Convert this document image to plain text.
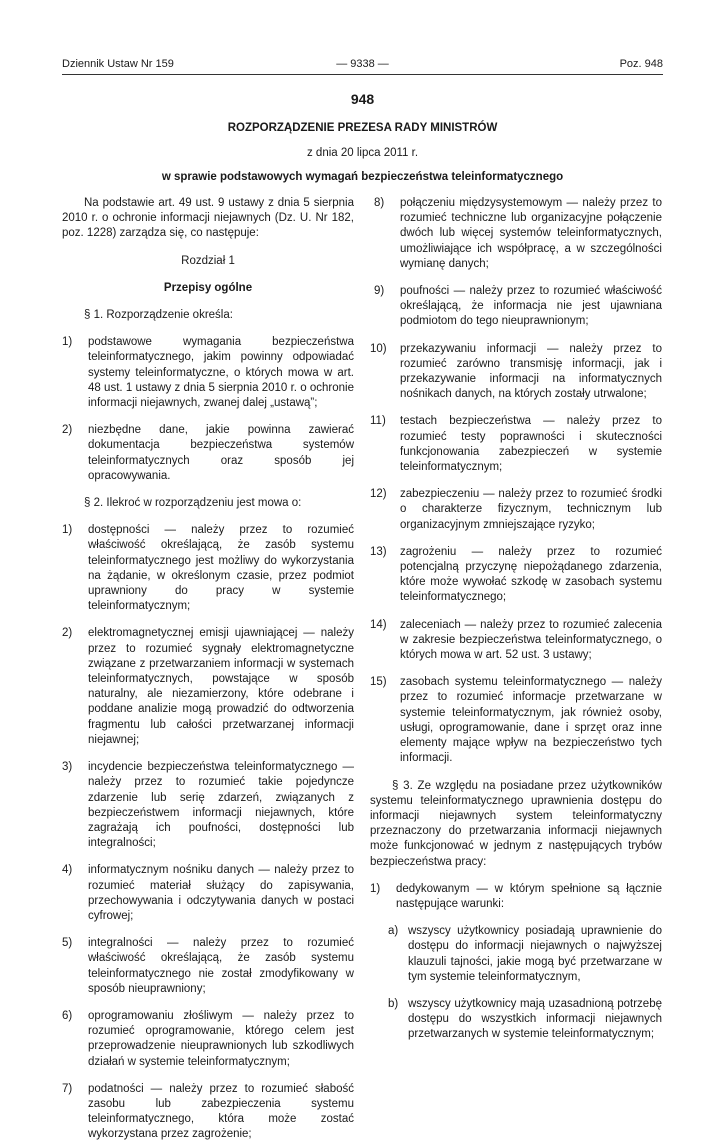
Dziennik Ustaw Nr 159	— 9338 —	Poz. 948
948
ROZPORZĄDZENIE PREZESA RADY MINISTRÓW
z dnia 20 lipca 2011 r.
w sprawie podstawowych wymagań bezpieczeństwa teleinformatycznego

Na podstawie art. 49 ust. 9 ustawy z dnia 5 sierpnia 2010 r. o ochronie informacji niejawnych (Dz. U. Nr 182, poz. 1228) zarządza się, co następuje:

Rozdział 1

Przepisy ogólne

§ 1. Rozporządzenie określa:

1)	podstawowe wymagania bezpieczeństwa teleinformatycznego, jakim powinny odpowiadać systemy teleinformatyczne, o których mowa w art. 48 ust. 1 ustawy z dnia 5 sierpnia 2010 r. o ochronie informacji niejawnych, zwanej dalej „ustawą”;
2)	niezbędne dane, jakie powinna zawierać dokumentacja bezpieczeństwa systemów teleinformatycznych oraz sposób jej opracowywania.

§ 2. Ilekroć w rozporządzeniu jest mowa o:

1)	dostępności — należy przez to rozumieć właściwość określającą, że zasób systemu teleinformatycznego jest możliwy do wykorzystania na żądanie, w określonym czasie, przez podmiot uprawniony do pracy w systemie teleinformatycznym;
2)	elektromagnetycznej emisji ujawniającej — należy przez to rozumieć sygnały elektromagnetyczne związane z przetwarzaniem informacji w systemach teleinformatycznych, powstające w sposób naturalny, ale niezamierzony, które odebrane i poddane analizie mogą prowadzić do odtworzenia fragmentu lub całości przetwarzanej informacji niejawnej;
3)	incydencie bezpieczeństwa teleinformatycznego — należy przez to rozumieć takie pojedyncze zdarzenie lub serię zdarzeń, związanych z bezpieczeństwem informacji niejawnych, które zagrażają ich poufności, dostępności lub integralności;
4)	informatycznym nośniku danych — należy przez to rozumieć materiał służący do zapisywania, przechowywania i odczytywania danych w postaci cyfrowej;
5)	integralności — należy przez to rozumieć właściwość określającą, że zasób systemu teleinformatycznego nie został zmodyfikowany w sposób nieuprawniony;
6)	oprogramowaniu złośliwym — należy przez to rozumieć oprogramowanie, którego celem jest przeprowadzenie nieuprawnionych lub szkodliwych działań w systemie teleinformatycznym;
7)	podatności — należy przez to rozumieć słabość zasobu lub zabezpieczenia systemu teleinformatycznego, która może zostać wykorzystana przez zagrożenie;
8)	połączeniu międzysystemowym — należy przez to rozumieć techniczne lub organizacyjne połączenie dwóch lub więcej systemów teleinformatycznych, umożliwiające ich współpracę, a w szczególności wymianę danych;
9)	poufności — należy przez to rozumieć właściwość określającą, że informacja nie jest ujawniana podmiotom do tego nieuprawnionym;
10)	przekazywaniu informacji — należy przez to rozumieć zarówno transmisję informacji, jak i przekazywanie informacji na informatycznych nośnikach danych, na których zostały utrwalone;
11)	testach bezpieczeństwa — należy przez to rozumieć testy poprawności i skuteczności funkcjonowania zabezpieczeń w systemie teleinformatycznym;
12)	zabezpieczeniu — należy przez to rozumieć środki o charakterze fizycznym, technicznym lub organizacyjnym zmniejszające ryzyko;
13)	zagrożeniu — należy przez to rozumieć potencjalną przyczynę niepożądanego zdarzenia, które może wywołać szkodę w zasobach systemu teleinformatycznego;
14)	zaleceniach — należy przez to rozumieć zalecenia w zakresie bezpieczeństwa teleinformatycznego, o których mowa w art. 52 ust. 3 ustawy;
15)	zasobach systemu teleinformatycznego — należy przez to rozumieć informacje przetwarzane w systemie teleinformatycznym, jak również osoby, usługi, oprogramowanie, dane i sprzęt oraz inne elementy mające wpływ na bezpieczeństwo tych informacji.

§ 3. Ze względu na posiadane przez użytkowników systemu teleinformatycznego uprawnienia dostępu do informacji niejawnych system teleinformatyczny przeznaczony do przetwarzania informacji niejawnych może funkcjonować w jednym z następujących trybów bezpieczeństwa pracy:

1)	dedykowanym — w którym spełnione są łącznie następujące warunki:
a) wszyscy użytkownicy posiadają uprawnienie do dostępu do informacji niejawnych o najwyższej klauzuli tajności, jakie mogą być przetwarzane w tym systemie teleinformatycznym,
b) wszyscy użytkownicy mają uzasadnioną potrzebę dostępu do wszystkich informacji niejawnych przetwarzanych w systemie teleinformatycznym;
